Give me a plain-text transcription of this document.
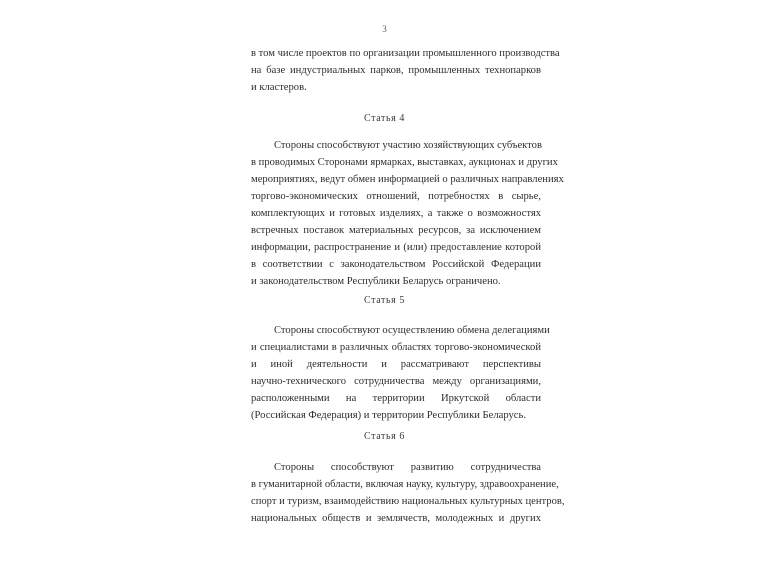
3
в том числе проектов по организации промышленного производства
на базе индустриальных парков, промышленных технопарков
и кластеров.
Статья 4
Стороны способствуют участию хозяйствующих субъектов
в проводимых Сторонами ярмарках, выставках, аукционах и других
мероприятиях, ведут обмен информацией о различных направлениях
торгово-экономических отношений, потребностях в сырье,
комплектующих и готовых изделиях, а также о возможностях
встречных поставок материальных ресурсов, за исключением
информации, распространение и (или) предоставление которой
в соответствии с законодательством Российской Федерации
и законодательством Республики Беларусь ограничено.
Статья 5
Стороны способствуют осуществлению обмена делегациями
и специалистами в различных областях торгово-экономической
и иной деятельности и рассматривают перспективы
научно-технического сотрудничества между организациями,
расположенными на территории Иркутской области
(Российская Федерация) и территории Республики Беларусь.
Статья 6
Стороны способствуют развитию сотрудничества
в гуманитарной области, включая науку, культуру, здравоохранение,
спорт и туризм, взаимодействию национальных культурных центров,
национальных обществ и землячеств, молодежных и других
